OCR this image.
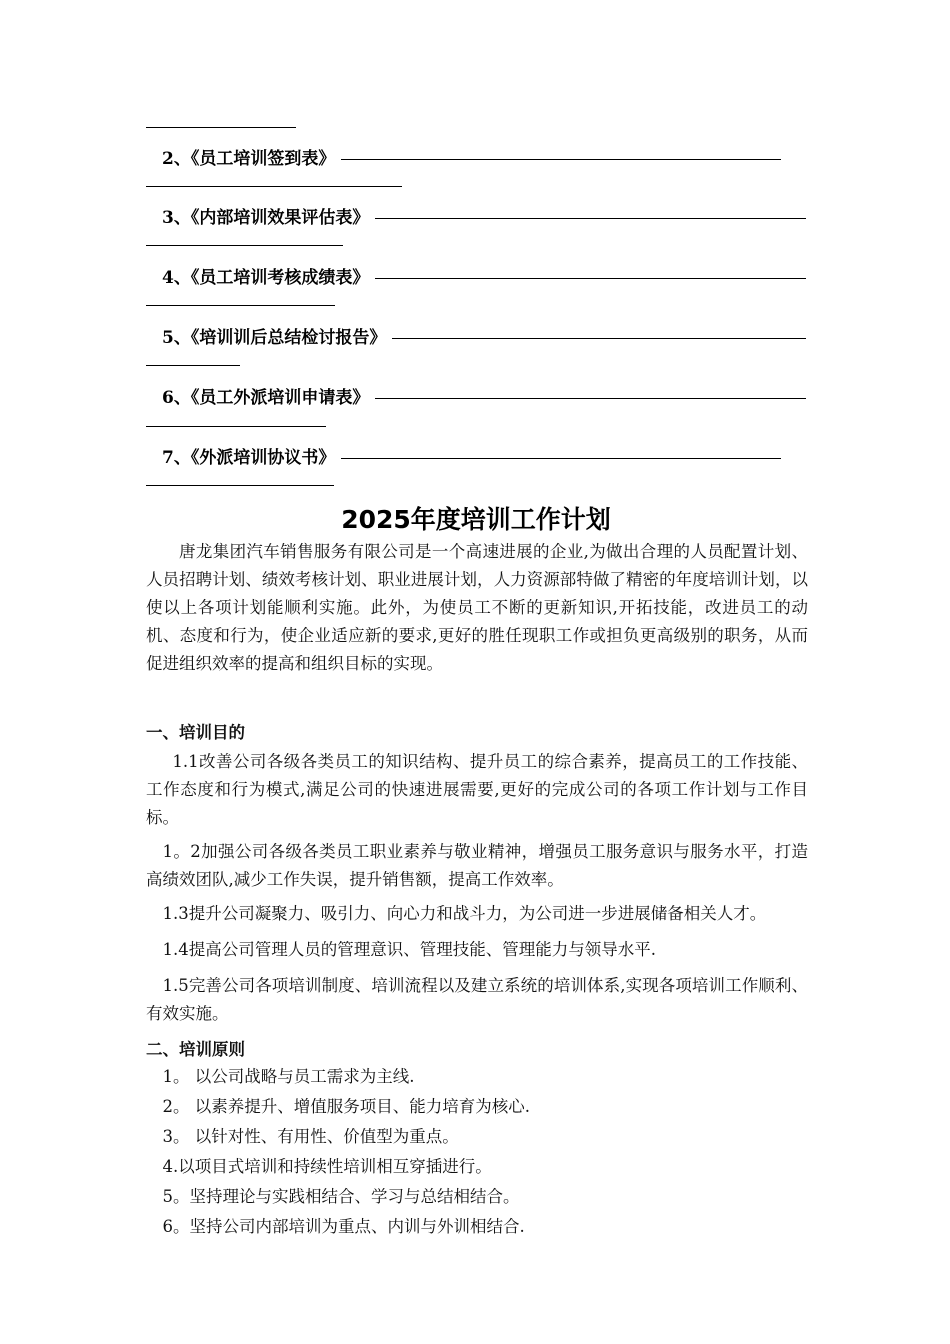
2、《员工培训签到表》
3、《内部培训效果评估表》
4、《员工培训考核成绩表》
5、《培训训后总结检讨报告》
6、《员工外派培训申请表》
7、《外派培训协议书》
2025年度培训工作计划

唐龙集团汽车销售服务有限公司是一个高速进展的企业,为做出合理的人员配置计划、人员招聘计划、绩效考核计划、职业进展计划，人力资源部特做了精密的年度培训计划，以使以上各项计划能顺利实施。此外，为使员工不断的更新知识,开拓技能，改进员工的动机、态度和行为，使企业适应新的要求,更好的胜任现职工作或担负更高级别的职务，从而促进组织效率的提高和组织目标的实现。

一、培训目的

1.1改善公司各级各类员工的知识结构、提升员工的综合素养，提高员工的工作技能、工作态度和行为模式,满足公司的快速进展需要,更好的完成公司的各项工作计划与工作目标。

1。2加强公司各级各类员工职业素养与敬业精神，增强员工服务意识与服务水平，打造高绩效团队,减少工作失误，提升销售额，提高工作效率。

1.3提升公司凝聚力、吸引力、向心力和战斗力，为公司进一步进展储备相关人才。

1.4提高公司管理人员的管理意识、管理技能、管理能力与领导水平.

1.5完善公司各项培训制度、培训流程以及建立系统的培训体系,实现各项培训工作顺利、有效实施。

二、培训原则

1。 以公司战略与员工需求为主线.

2。 以素养提升、增值服务项目、能力培育为核心.

3。 以针对性、有用性、价值型为重点。

4.以项目式培训和持续性培训相互穿插进行。

5。坚持理论与实践相结合、学习与总结相结合。

6。坚持公司内部培训为重点、内训与外训相结合.
